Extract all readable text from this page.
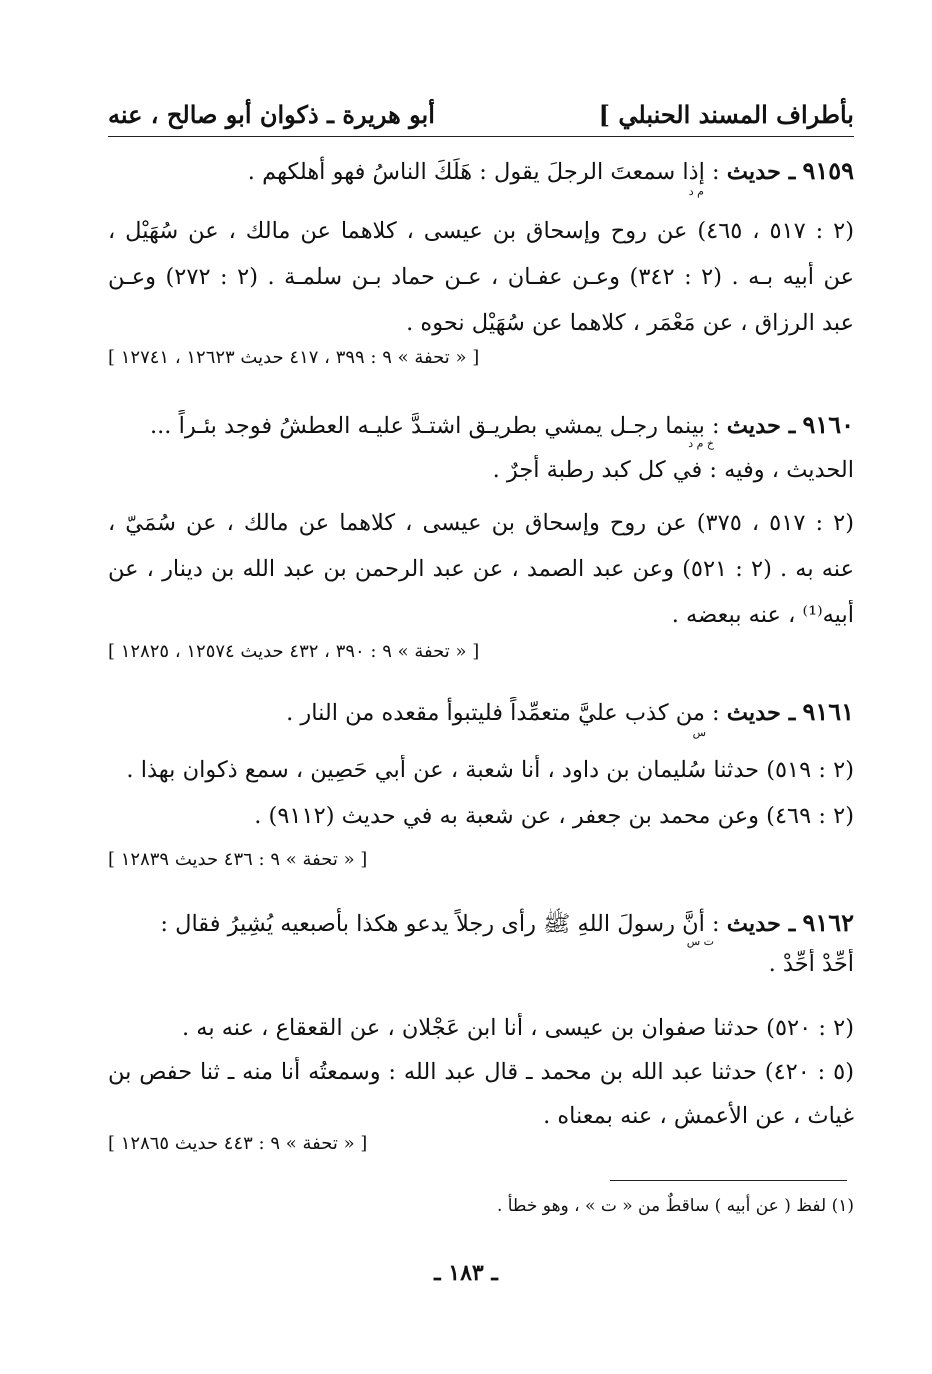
بأطراف المسند الحنبلي ]
أبو هريرة ـ ذكوان أبو صالح ، عنه
٩١٥٩ ـ حديث : إذا سمعتَ الرجلَ يقول : هَلَكَ الناسُ فهو أهلكهم .
م د
(٢ : ٥١٧ ، ٤٦٥) عن روح وإسحاق بن عيسى ، كلاهما عن مالك ، عن سُهَيْل ،
عن أبيه بـه . (٢ : ٣٤٢) وعـن عفـان ، عـن حماد بـن سلمـة . (٢ : ٢٧٢) وعـن
عبد الرزاق ، عن مَعْمَر ، كلاهما عن سُهَيْل نحوه .
[ « تحفة » ٩ : ٣٩٩ ، ٤١٧ حديث ١٢٦٢٣ ، ١٢٧٤١ ]
٩١٦٠ ـ حديث : بينما رجـل يمشي بطريـق اشتـدَّ عليـه العطشُ فوجد بئـراً ...
خ م د
الحديث ، وفيه : في كل كبد رطبة أجرٌ .
(٢ : ٥١٧ ، ٣٧٥) عن روح وإسحاق بن عيسى ، كلاهما عن مالك ، عن سُمَيّ ،
عنه به . (٢ : ٥٢١) وعن عبد الصمد ، عن عبد الرحمن بن عبد الله بن دينار ، عن
أبيه⁽¹⁾ ، عنه ببعضه .
[ « تحفة » ٩ : ٣٩٠ ، ٤٣٢ حديث ١٢٥٧٤ ، ١٢٨٢٥ ]
٩١٦١ ـ حديث : من كذب عليَّ متعمِّداً فليتبوأ مقعده من النار .
س
(٢ : ٥١٩) حدثنا سُليمان بن داود ، أنا شعبة ، عن أبي حَصِين ، سمع ذكوان بهذا .
(٢ : ٤٦٩) وعن محمد بن جعفر ، عن شعبة به في حديث (٩١١٢) .
[ « تحفة » ٩ : ٤٣٦ حديث ١٢٨٣٩ ]
٩١٦٢ ـ حديث : أنَّ رسولَ اللهِ ﷺ رأى رجلاً يدعو هكذا بأصبعيه يُشِيرُ فقال :
ت س
أَحِّدْ أَحِّدْ .
(٢ : ٥٢٠) حدثنا صفوان بن عيسى ، أنا ابن عَجْلان ، عن القعقاع ، عنه به .
(٥ : ٤٢٠) حدثنا عبد الله بن محمد ـ قال عبد الله : وسمعتُه أنا منه ـ ثنا حفص بن
غياث ، عن الأعمش ، عنه بمعناه .
[ « تحفة » ٩ : ٤٤٣ حديث ١٢٨٦٥ ]
(١) لفظ ( عن أبيه ) ساقطٌ من « ت » ، وهو خطأ .
ـ ١٨٣ ـ
